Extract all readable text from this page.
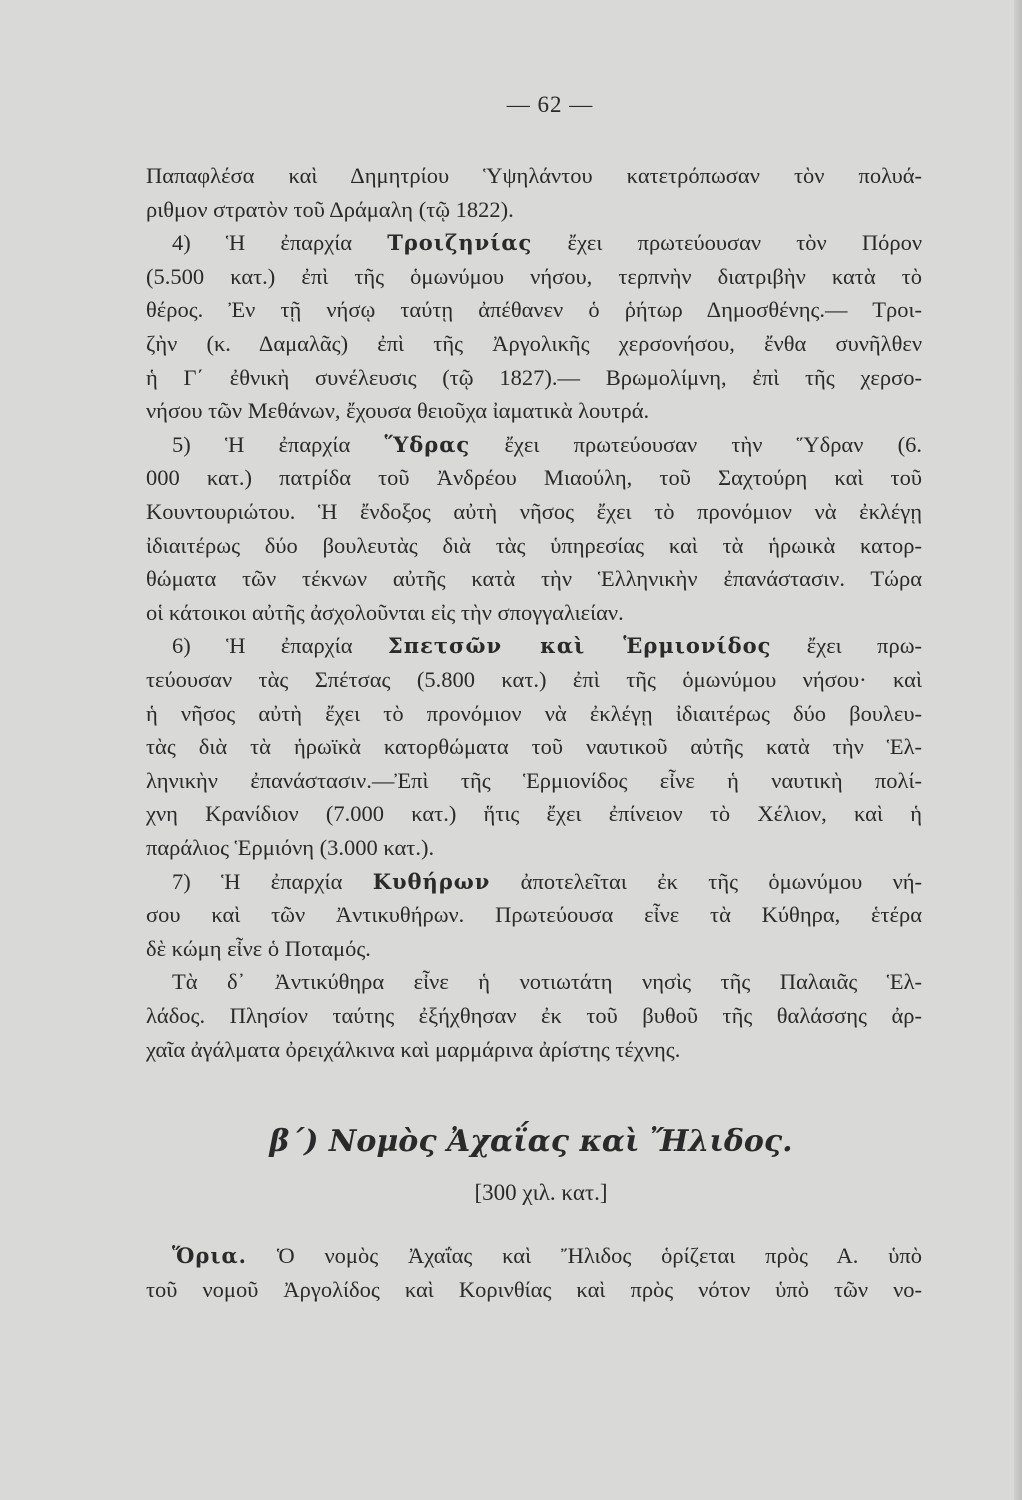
— 62 —
Παπαφλέσα καὶ Δημητρίου Ὑψηλάντου κατετρόπωσαν τὸν πολυά-
ριθμον στρατὸν τοῦ Δράμαλη (τῷ 1822).
4) Ἡ ἐπαρχία Τροιζηνίας ἔχει πρωτεύουσαν τὸν Πόρον
(5.500 κατ.) ἐπὶ τῆς ὁμωνύμου νήσου, τερπνὴν διατριβὴν κατὰ τὸ
θέρος. Ἐν τῇ νήσῳ ταύτῃ ἀπέθανεν ὁ ῥήτωρ Δημοσθένης.— Τροι-
ζὴν (κ. Δαμαλᾶς) ἐπὶ τῆς Ἀργολικῆς χερσονήσου, ἔνθα συνῆλθεν
ἡ Γ΄ ἐθνικὴ συνέλευσις (τῷ 1827).— Βρωμολίμνη, ἐπὶ τῆς χερσο-
νήσου τῶν Μεθάνων, ἔχουσα θειοῦχα ἰαματικὰ λουτρά.
5) Ἡ ἐπαρχία Ὕδρας ἔχει πρωτεύουσαν τὴν Ὕδραν (6.
000 κατ.) πατρίδα τοῦ Ἀνδρέου Μιαούλη, τοῦ Σαχτούρη καὶ τοῦ
Κουντουριώτου. Ἡ ἔνδοξος αὐτὴ νῆσος ἔχει τὸ προνόμιον νὰ ἐκλέγῃ
ἰδιαιτέρως δύο βουλευτὰς διὰ τὰς ὑπηρεσίας καὶ τὰ ἡρωικὰ κατορ-
θώματα τῶν τέκνων αὐτῆς κατὰ τὴν Ἑλληνικὴν ἐπανάστασιν. Τώρα
οἱ κάτοικοι αὐτῆς ἀσχολοῦνται εἰς τὴν σπογγαλιείαν.
6) Ἡ ἐπαρχία Σπετσῶν καὶ Ἑρμιονίδος ἔχει πρω-
τεύουσαν τὰς Σπέτσας (5.800 κατ.) ἐπὶ τῆς ὁμωνύμου νήσου· καὶ
ἡ νῆσος αὐτὴ ἔχει τὸ προνόμιον νὰ ἐκλέγῃ ἰδιαιτέρως δύο βουλευ-
τὰς διὰ τὰ ἡρωϊκὰ κατορθώματα τοῦ ναυτικοῦ αὐτῆς κατὰ τὴν Ἑλ-
ληνικὴν ἐπανάστασιν.—Ἐπὶ τῆς Ἑρμιονίδος εἶνε ἡ ναυτικὴ πολί-
χνη Κρανίδιον (7.000 κατ.) ἥτις ἔχει ἐπίνειον τὸ Χέλιον, καὶ ἡ
παράλιος Ἑρμιόνη (3.000 κατ.).
7) Ἡ ἐπαρχία Κυθήρων ἀποτελεῖται ἐκ τῆς ὁμωνύμου νή-
σου καὶ τῶν Ἀντικυθήρων. Πρωτεύουσα εἶνε τὰ Κύθηρα, ἑτέρα
δὲ κώμη εἶνε ὁ Ποταμός.
Τὰ δ᾽ Ἀντικύθηρα εἶνε ἡ νοτιωτάτη νησὶς τῆς Παλαιᾶς Ἑλ-
λάδος. Πλησίον ταύτης ἐξήχθησαν ἐκ τοῦ βυθοῦ τῆς θαλάσσης ἀρ-
χαῖα ἀγάλματα ὀρειχάλκινα καὶ μαρμάρινα ἀρίστης τέχνης.
β΄) Νομὸς Ἀχαΐας καὶ Ἤλιδος.
[300 χιλ. κατ.]
Ὅρια. Ὁ νομὸς Ἀχαΐας καὶ Ἤλιδος ὁρίζεται πρὸς Α. ὑπὸ
τοῦ νομοῦ Ἀργολίδος καὶ Κορινθίας καὶ πρὸς νότον ὑπὸ τῶν νο-
